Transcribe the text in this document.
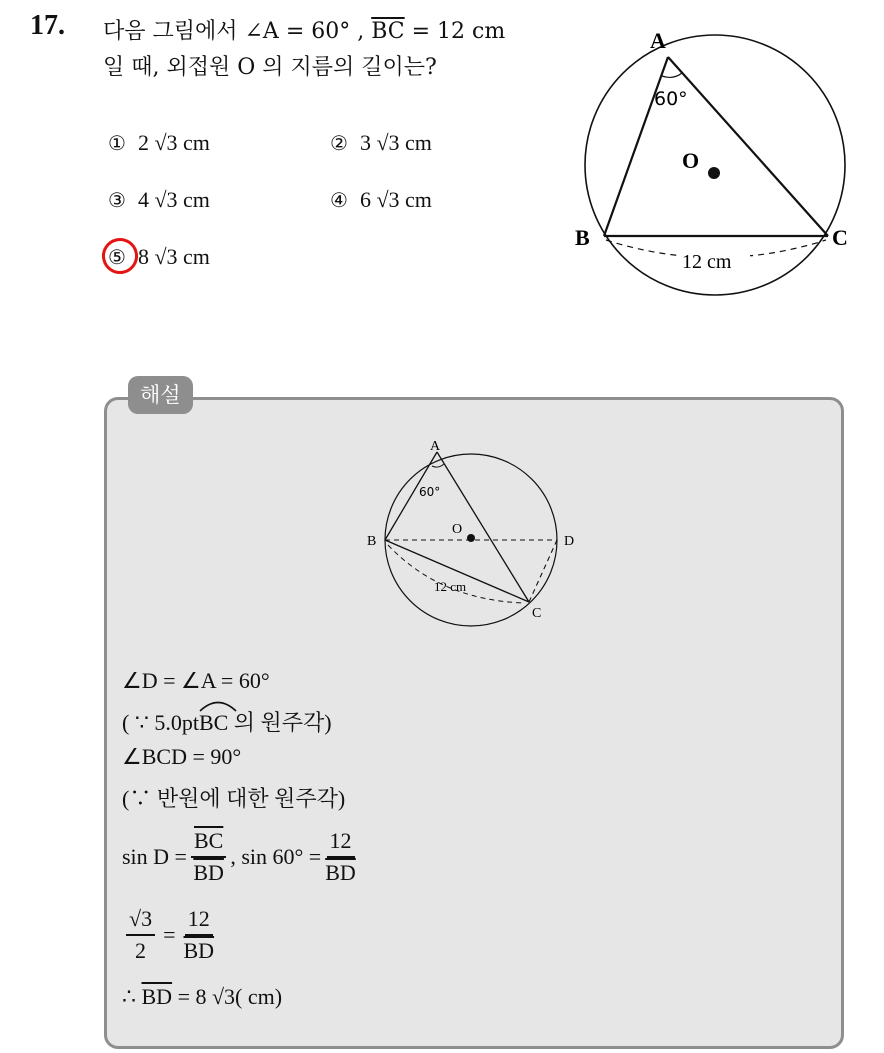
17. 다음 그림에서 ∠A = 60° , $\overline{BC} = 12$ cm
일 때, 외접원 O 의 지름의 길이는?
① 2 √3 cm	② 3 √3 cm
③ 4 √3 cm	④ 6 √3 cm
⑤ 8 √3 cm
A
B	C
O
60°
12 cm
해설
A
B
C
D
O
60°
12 cm
∠D = ∠A = 60°
( ∵ 5.0pt
BC 의 원주각)
∠BCD = 90°
(∵ 반원에 대한 원주각)
$\sin D = \frac{\overline{BC}}{BD}$ , $\sin 60^\circ = \frac{12}{BD}$
$\frac{√3}{2} = \frac{12}{BD}$
∴ $\overline{BD} = 8$ √3( cm)
